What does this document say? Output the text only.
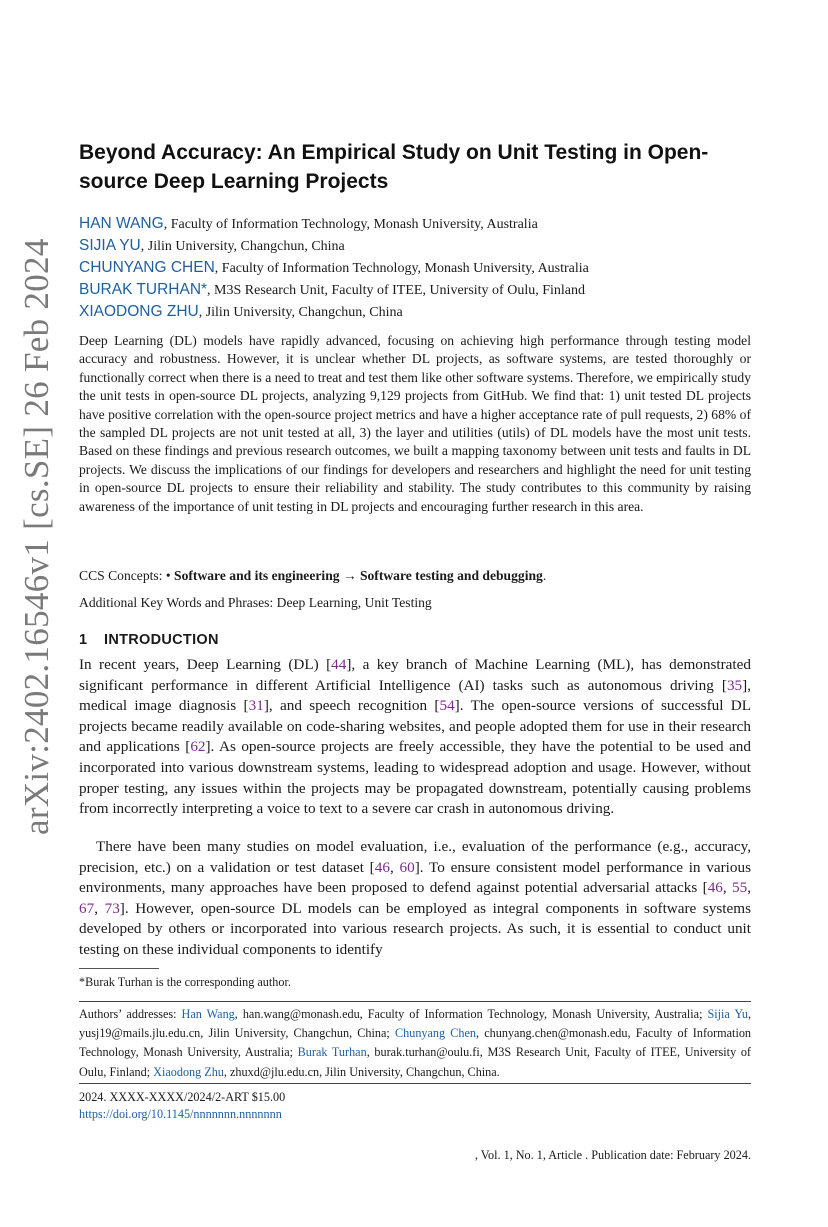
arXiv:2402.16546v1 [cs.SE] 26 Feb 2024
Beyond Accuracy: An Empirical Study on Unit Testing in Open-source Deep Learning Projects
HAN WANG, Faculty of Information Technology, Monash University, Australia
SIJIA YU, Jilin University, Changchun, China
CHUNYANG CHEN, Faculty of Information Technology, Monash University, Australia
BURAK TURHAN*, M3S Research Unit, Faculty of ITEE, University of Oulu, Finland
XIAODONG ZHU, Jilin University, Changchun, China

Deep Learning (DL) models have rapidly advanced, focusing on achieving high performance through testing model accuracy and robustness. However, it is unclear whether DL projects, as software systems, are tested thoroughly or functionally correct when there is a need to treat and test them like other software systems. Therefore, we empirically study the unit tests in open-source DL projects, analyzing 9,129 projects from GitHub. We find that: 1) unit tested DL projects have positive correlation with the open-source project metrics and have a higher acceptance rate of pull requests, 2) 68% of the sampled DL projects are not unit tested at all, 3) the layer and utilities (utils) of DL models have the most unit tests. Based on these findings and previous research outcomes, we built a mapping taxonomy between unit tests and faults in DL projects. We discuss the implications of our findings for developers and researchers and highlight the need for unit testing in open-source DL projects to ensure their reliability and stability. The study contributes to this community by raising awareness of the importance of unit testing in DL projects and encouraging further research in this area.

CCS Concepts: • Software and its engineering → Software testing and debugging.
Additional Key Words and Phrases: Deep Learning, Unit Testing
1 INTRODUCTION

In recent years, Deep Learning (DL) [44], a key branch of Machine Learning (ML), has demonstrated significant performance in different Artificial Intelligence (AI) tasks such as autonomous driving [35], medical image diagnosis [31], and speech recognition [54]. The open-source versions of successful DL projects became readily available on code-sharing websites, and people adopted them for use in their research and applications [62]. As open-source projects are freely accessible, they have the potential to be used and incorporated into various downstream systems, leading to widespread adoption and usage. However, without proper testing, any issues within the projects may be propagated downstream, potentially causing problems from incorrectly interpreting a voice to text to a severe car crash in autonomous driving.

There have been many studies on model evaluation, i.e., evaluation of the performance (e.g., accuracy, precision, etc.) on a validation or test dataset [46, 60]. To ensure consistent model performance in various environments, many approaches have been proposed to defend against potential adversarial attacks [46, 55, 67, 73]. However, open-source DL models can be employed as integral components in software systems developed by others or incorporated into various research projects. As such, it is essential to conduct unit testing on these individual components to identify

*Burak Turhan is the corresponding author.

Authors’ addresses: Han Wang, han.wang@monash.edu, Faculty of Information Technology, Monash University, Australia; Sijia Yu, yusj19@mails.jlu.edu.cn, Jilin University, Changchun, China; Chunyang Chen, chunyang.chen@monash.edu, Faculty of Information Technology, Monash University, Australia; Burak Turhan, burak.turhan@oulu.fi, M3S Research Unit, Faculty of ITEE, University of Oulu, Finland; Xiaodong Zhu, zhuxd@jlu.edu.cn, Jilin University, Changchun, China.

2024. XXXX-XXXX/2024/2-ART $15.00
https://doi.org/10.1145/nnnnnnn.nnnnnnn
, Vol. 1, No. 1, Article . Publication date: February 2024.
